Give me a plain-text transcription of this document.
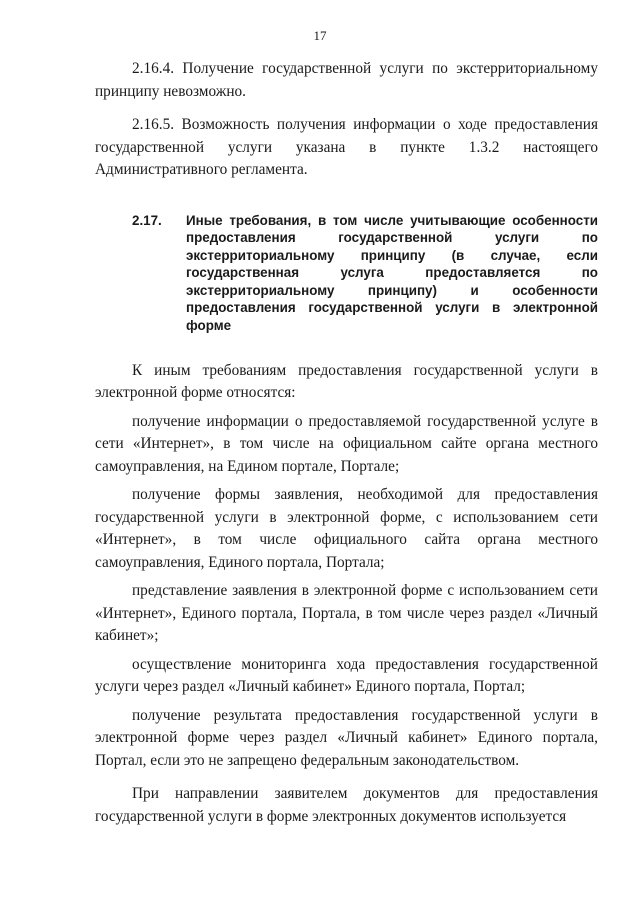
17

2.16.4. Получение государственной услуги по экстерриториальному принципу невозможно.

2.16.5. Возможность получения информации о ходе предоставления государственной услуги указана в пункте 1.3.2 настоящего Административного регламента.

2.17.	Иные требования, в том числе учитывающие особенности предоставления государственной услуги по экстерриториальному принципу (в случае, если государственная услуга предоставляется по экстерриториальному принципу) и особенности предоставления государственной услуги в электронной форме

К иным требованиям предоставления государственной услуги в электронной форме относятся:

получение информации о предоставляемой государственной услуге в сети «Интернет», в том числе на официальном сайте органа местного самоуправления, на Едином портале, Портале;

получение формы заявления, необходимой для предоставления государственной услуги в электронной форме, с использованием сети «Интернет», в том числе официального сайта органа местного самоуправления, Единого портала, Портала;

представление заявления в электронной форме с использованием сети «Интернет», Единого портала, Портала, в том числе через раздел «Личный кабинет»;

осуществление мониторинга хода предоставления государственной услуги через раздел «Личный кабинет» Единого портала, Портал;

получение результата предоставления государственной услуги в электронной форме через раздел «Личный кабинет» Единого портала, Портал, если это не запрещено федеральным законодательством.

При направлении заявителем документов для предоставления государственной услуги в форме электронных документов используется
